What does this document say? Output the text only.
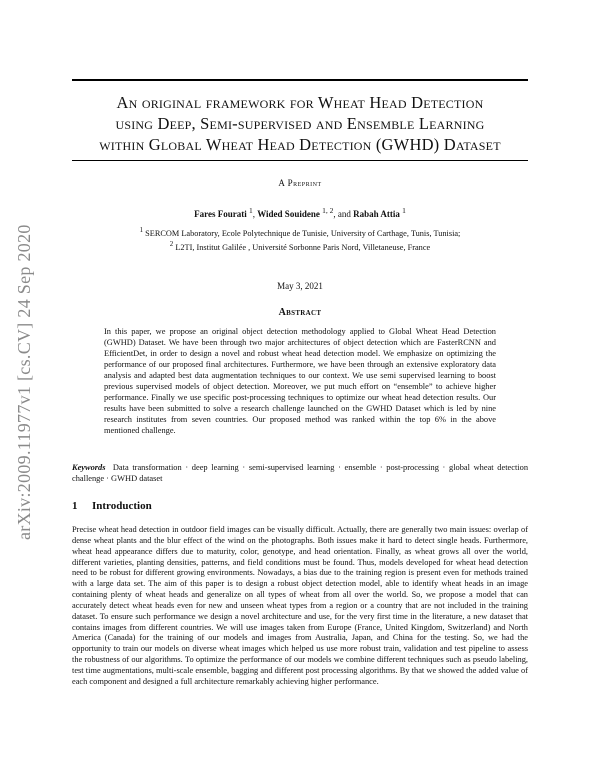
arXiv:2009.11977v1 [cs.CV] 24 Sep 2020
An original framework for Wheat Head Detection
using Deep, Semi-supervised and Ensemble Learning
within Global Wheat Head Detection (GWHD) Dataset
A Preprint
Fares Fourati $^1$, Wided Souidene $^{1, 2}$, and Rabah Attia $^1$
$^1$ SERCOM Laboratory, Ecole Polytechnique de Tunisie, University of Carthage, Tunis, Tunisia;
$^2$ L2TI, Institut Galilée , Université Sorbonne Paris Nord, Villetaneuse, France
May 3, 2021
Abstract
In this paper, we propose an original object detection methodology applied to Global Wheat Head Detection (GWHD) Dataset. We have been through two major architectures of object detection which are FasterRCNN and EfficientDet, in order to design a novel and robust wheat head detection model. We emphasize on optimizing the performance of our proposed final architectures. Furthermore, we have been through an extensive exploratory data analysis and adapted best data augmentation techniques to our context. We use semi supervised learning to boost previous supervised models of object detection. Moreover, we put much effort on “ensemble” to achieve higher performance. Finally we use specific post-processing techniques to optimize our wheat head detection results. Our results have been submitted to solve a research challenge launched on the GWHD Dataset which is led by nine research institutes from seven countries. Our proposed method was ranked within the top 6% in the above mentioned challenge.
Keywords Data transformation · deep learning · semi-supervised learning · ensemble · post-processing · global wheat detection challenge · GWHD dataset
1 Introduction
Precise wheat head detection in outdoor field images can be visually difficult. Actually, there are generally two main issues: overlap of dense wheat plants and the blur effect of the wind on the photographs. Both issues make it hard to detect single heads. Furthermore, wheat head appearance differs due to maturity, color, genotype, and head orientation. Finally, as wheat grows all over the world, different varieties, planting densities, patterns, and field conditions must be found. Thus, models developed for wheat head detection need to be robust for different growing environments. Nowadays, a bias due to the training region is present even for methods trained with a large data set. The aim of this paper is to design a robust object detection model, able to identify wheat heads in an image containing plenty of wheat heads and generalize on all types of wheat from all over the world. So, we propose a model that can accurately detect wheat heads even for new and unseen wheat types from a region or a country that are not included in the training dataset. To ensure such performance we design a novel architecture and use, for the very first time in the literature, a new dataset that contains images from different countries. We will use images taken from Europe (France, United Kingdom, Switzerland) and North America (Canada) for the training of our models and images from Australia, Japan, and China for the testing. So, we had the opportunity to train our models on diverse wheat images which helped us use more robust train, validation and test pipeline to assess the robustness of our algorithms. To optimize the performance of our models we combine different techniques such as pseudo labeling, test time augmentations, multi-scale ensemble, bagging and different post processing algorithms. By that we showed the added value of each component and designed a full architecture remarkably achieving higher performance.
